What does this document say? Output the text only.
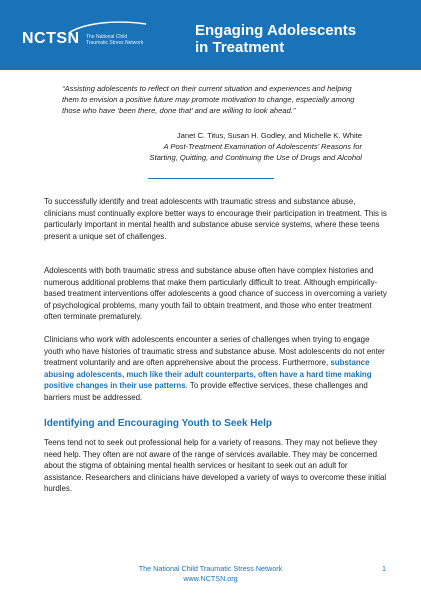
NCTSN The National Child
Traumatic Stress Network
Engaging Adolescents
in Treatment
“Assisting adolescents to reflect on their current situation and experiences and helping them to envision a positive future may promote motivation to change, especially among those who have ‘been there, done that’ and are willing to look ahead.”
Janet C. Titus, Susan H. Godley, and Michelle K. White
A Post-Treatment Examination of Adolescents’ Reasons for
Starting, Quitting, and Continuing the Use of Drugs and Alcohol
To successfully identify and treat adolescents with traumatic stress and substance abuse, clinicians must continually explore better ways to encourage their participation in treatment. This is particularly important in mental health and substance abuse service systems, where these teens present a unique set of challenges.
Adolescents with both traumatic stress and substance abuse often have complex histories and numerous additional problems that make them particularly difficult to treat. Although empirically-based treatment interventions offer adolescents a good chance of success in overcoming a variety of psychological problems, many youth fail to obtain treatment, and those who enter treatment often terminate prematurely.
Clinicians who work with adolescents encounter a series of challenges when trying to engage youth who have histories of traumatic stress and substance abuse. Most adolescents do not enter treatment voluntarily and are often apprehensive about the process. Furthermore, substance abusing adolescents, much like their adult counterparts, often have a hard time making positive changes in their use patterns. To provide effective services, these challenges and barriers must be addressed.
Identifying and Encouraging Youth to Seek Help
Teens tend not to seek out professional help for a variety of reasons. They may not believe they need help. They often are not aware of the range of services available. They may be concerned about the stigma of obtaining mental health services or hesitant to seek out an adult for assistance. Researchers and clinicians have developed a variety of ways to overcome these initial hurdles.
The National Child Traumatic Stress Network
www.NCTSN.org
1
